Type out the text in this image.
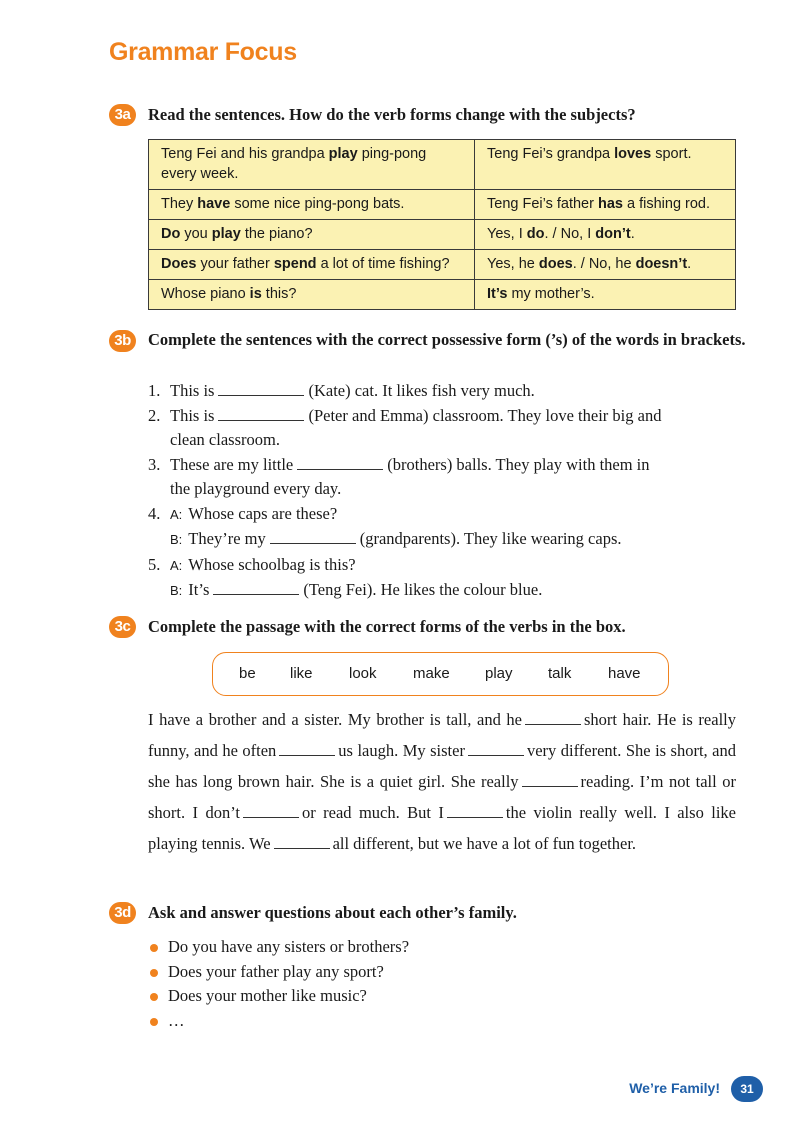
Grammar Focus
3a	Read the sentences. How do the verb forms change with the subjects?
Teng Fei and his grandpa play ping-pong every week.	Teng Fei’s grandpa loves sport.
They have some nice ping-pong bats.	Teng Fei’s father has a fishing rod.
Do you play the piano?	Yes, I do. / No, I don’t.
Does your father spend a lot of time fishing?	Yes, he does. / No, he doesn’t.
Whose piano is this?	It’s my mother’s.
3b	Complete the sentences with the correct possessive form (’s) of the words in brackets.
1. This is	(Kate) cat. It likes fish very much.
2. This is	(Peter and Emma) classroom. They love their big and
clean classroom.
3. These are my little	(brothers) balls. They play with them in
the playground every day.
4. A: Whose caps are these?
B: They’re my	(grandparents). They like wearing caps.
5. A: Whose schoolbag is this?
B: It’s	(Teng Fei). He likes the colour blue.
3c	Complete the passage with the correct forms of the verbs in the box.
be like look make play talk have
I have a brother and a sister. My brother is tall, and he	short hair. He is really funny, and he often	us laugh. My sister	very different. She is short, and she has long brown hair. She is a quiet girl. She really	reading. I’m not tall or short. I don’t	or read much. But I	the violin really well. I also like playing tennis. We	all different, but we have a lot of fun together.
3d	Ask and answer questions about each other’s family.
Do you have any sisters or brothers?
Does your father play any sport?
Does your mother like music?
…
We’re Family!	31
